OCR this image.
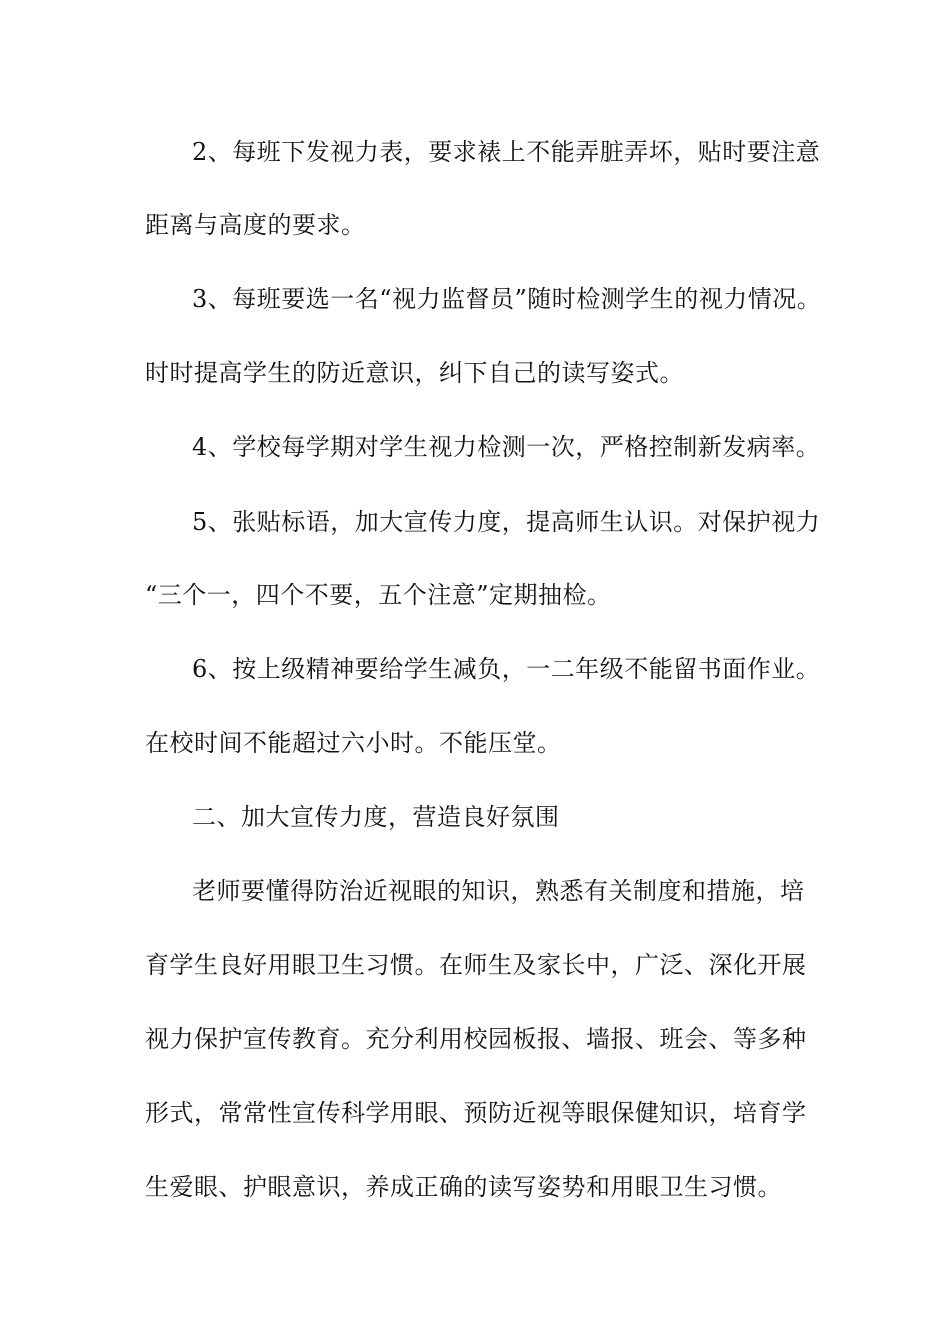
2、每班下发视力表，要求裱上不能弄脏弄坏，贴时要注意
距离与高度的要求。
3、每班要选一名“视力监督员”随时检测学生的视力情况。
时时提高学生的防近意识，纠下自己的读写姿式。
4、学校每学期对学生视力检测一次，严格控制新发病率。
5、张贴标语，加大宣传力度，提高师生认识。对保护视力
“三个一，四个不要，五个注意”定期抽检。
6、按上级精神要给学生减负，一二年级不能留书面作业。
在校时间不能超过六小时。不能压堂。
二、加大宣传力度，营造良好氛围
老师要懂得防治近视眼的知识，熟悉有关制度和措施，培
育学生良好用眼卫生习惯。在师生及家长中，广泛、深化开展
视力保护宣传教育。充分利用校园板报、墙报、班会、等多种
形式，常常性宣传科学用眼、预防近视等眼保健知识，培育学
生爱眼、护眼意识，养成正确的读写姿势和用眼卫生习惯。
